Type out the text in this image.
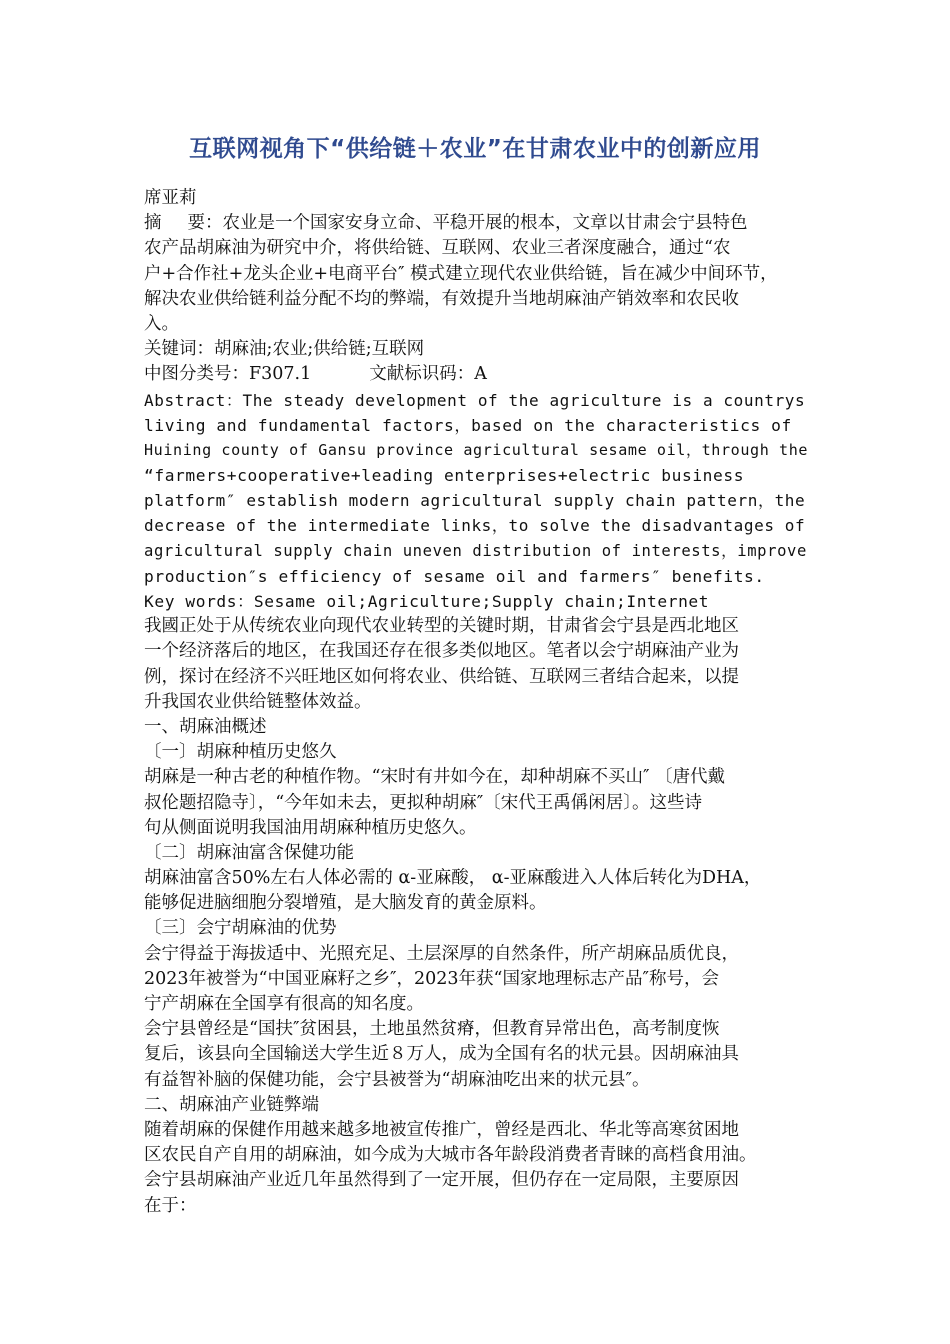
互联网视角下“供给链＋农业”在甘肃农业中的创新应用
席亚莉
摘 要：农业是一个国家安身立命、平稳开展的根本，文章以甘肃会宁县特色
农产品胡麻油为研究中介，将供给链、互联网、农业三者深度融合，通过“农
户+合作社+龙头企业+电商平台″ 模式建立现代农业供给链，旨在减少中间环节，
解决农业供给链利益分配不均的弊端，有效提升当地胡麻油产销效率和农民收
入。
关键词：胡麻油;农业;供给链;互联网
中图分类号：F307.1	文献标识码：A
Abstract：The steady development of the agriculture is a countrys
living and fundamental factors，based on the characteristics of
Huining county of Gansu province agricultural sesame oil，through the
“farmers+cooperative+leading enterprises+electric business
platform″ establish modern agricultural supply chain pattern，the
decrease of the intermediate links，to solve the disadvantages of
agricultural supply chain uneven distribution of interests，improve
production″s efficiency of sesame oil and farmers″ benefits.
Key words：Sesame oil;Agriculture;Supply chain;Internet
我國正处于从传统农业向现代农业转型的关键时期，甘肃省会宁县是西北地区
一个经济落后的地区，在我国还存在很多类似地区。笔者以会宁胡麻油产业为
例，探讨在经济不兴旺地区如何将农业、供给链、互联网三者结合起来，以提
升我国农业供给链整体效益。
一、胡麻油概述
〔一〕胡麻种植历史悠久
胡麻是一种古老的种植作物。“宋时有井如今在，却种胡麻不买山″ 〔唐代戴
叔伦题招隐寺〕，“今年如未去，更拟种胡麻″〔宋代王禹偁闲居〕。这些诗
句从侧面说明我国油用胡麻种植历史悠久。
〔二〕胡麻油富含保健功能
胡麻油富含50%左右人体必需的 α-亚麻酸， α-亚麻酸进入人体后转化为DHA，
能够促进脑细胞分裂增殖，是大脑发育的黄金原料。
〔三〕会宁胡麻油的优势
会宁得益于海拔适中、光照充足、土层深厚的自然条件，所产胡麻品质优良，
2023年被誉为“中国亚麻籽之乡″，2023年获“国家地理标志产品″称号，会
宁产胡麻在全国享有很高的知名度。
会宁县曾经是“国扶″贫困县，土地虽然贫瘠，但教育异常出色，高考制度恢
复后，该县向全国输送大学生近８万人，成为全国有名的状元县。因胡麻油具
有益智补脑的保健功能，会宁县被誉为“胡麻油吃出来的状元县″。
二、胡麻油产业链弊端
随着胡麻的保健作用越来越多地被宣传推广，曾经是西北、华北等高寒贫困地
区农民自产自用的胡麻油，如今成为大城市各年龄段消费者青睐的高档食用油。
会宁县胡麻油产业近几年虽然得到了一定开展，但仍存在一定局限，主要原因
在于：
